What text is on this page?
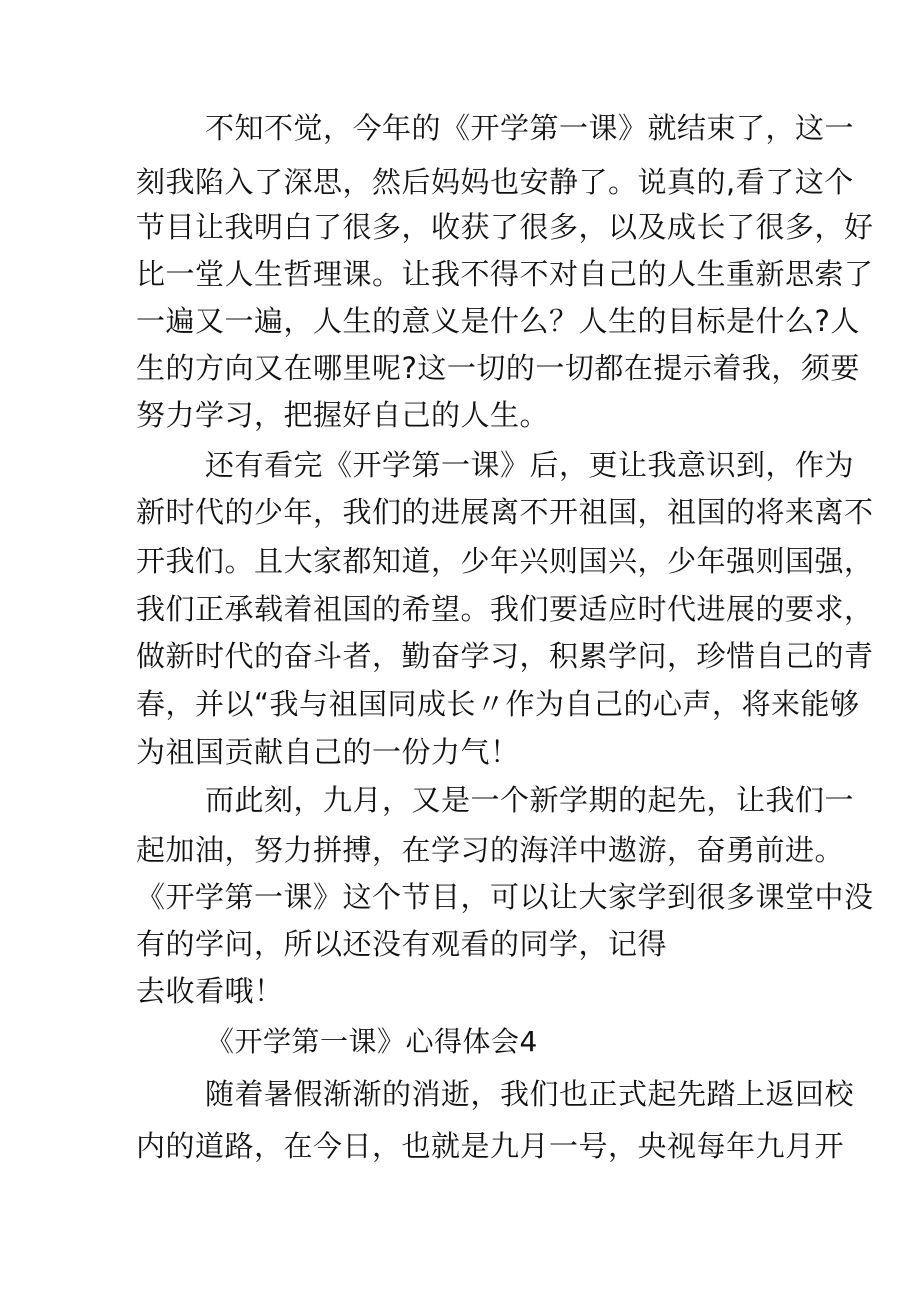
不知不觉，今年的《开学第一课》就结束了，这一
刻我陷入了深思，然后妈妈也安静了。说真的,看了这个
节目让我明白了很多，收获了很多，以及成长了很多，好
比一堂人生哲理课。让我不得不对自己的人生重新思索了
一遍又一遍，人生的意义是什么？人生的目标是什么?人
生的方向又在哪里呢?这一切的一切都在提示着我，须要
努力学习，把握好自己的人生。
还有看完《开学第一课》后，更让我意识到，作为
新时代的少年，我们的进展离不开祖国，祖国的将来离不
开我们。且大家都知道，少年兴则国兴，少年强则国强，
我们正承载着祖国的希望。我们要适应时代进展的要求，
做新时代的奋斗者，勤奋学习，积累学问，珍惜自己的青
春，并以“我与祖国同成长〃作为自己的心声，将来能够
为祖国贡献自己的一份力气！
而此刻，九月，又是一个新学期的起先，让我们一
起加油，努力拼搏，在学习的海洋中遨游，奋勇前进。
《开学第一课》这个节目，可以让大家学到很多课堂中没
有的学问，所以还没有观看的同学，记得
去收看哦！
《开学第一课》心得体会4
随着暑假渐渐的消逝，我们也正式起先踏上返回校
内的道路，在今日，也就是九月一号，央视每年九月开
